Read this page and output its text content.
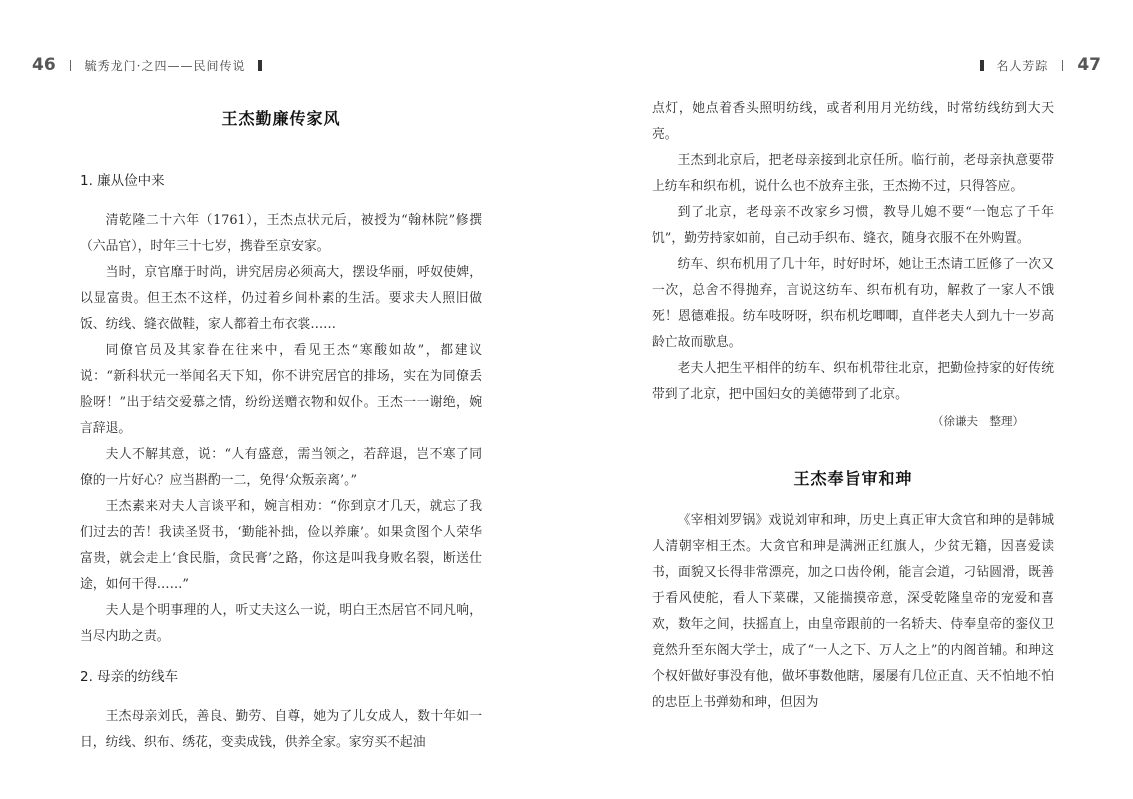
46 毓秀龙门·之四——民间传说	名人芳踪 47
王杰勤廉传家风
1. 廉从俭中来

清乾隆二十六年（1761），王杰点状元后，被授为“翰林院”修撰（六品官），时年三十七岁，携眷至京安家。

当时，京官靡于时尚，讲究居房必须高大，摆设华丽，呼奴使婢，以显富贵。但王杰不这样，仍过着乡间朴素的生活。要求夫人照旧做饭、纺线、缝衣做鞋，家人都着土布衣裳……

同僚官员及其家眷在往来中，看见王杰“寒酸如故”，都建议说：“新科状元一举闻名天下知，你不讲究居官的排场，实在为同僚丢脸呀！”出于结交爱慕之情，纷纷送赠衣物和奴仆。王杰一一谢绝，婉言辞退。

夫人不解其意，说：“人有盛意，需当领之，若辞退，岂不寒了同僚的一片好心？应当斟酌一二，免得‘众叛亲离’。”

王杰素来对夫人言谈平和，婉言相劝：“你到京才几天，就忘了我们过去的苦！我读圣贤书，‘勤能补拙，俭以养廉’。如果贪图个人荣华富贵，就会走上‘食民脂，贪民膏’之路，你这是叫我身败名裂，断送仕途，如何干得……”

夫人是个明事理的人，听丈夫这么一说，明白王杰居官不同凡响，当尽内助之责。

2. 母亲的纺线车

王杰母亲刘氏，善良、勤劳、自尊，她为了儿女成人，数十年如一日，纺线、织布、绣花，变卖成钱，供养全家。家穷买不起油

点灯，她点着香头照明纺线，或者利用月光纺线，时常纺线纺到大天亮。

王杰到北京后，把老母亲接到北京任所。临行前，老母亲执意要带上纺车和织布机，说什么也不放弃主张，王杰拗不过，只得答应。

到了北京，老母亲不改家乡习惯，教导儿媳不要“一饱忘了千年饥”，勤劳持家如前，自己动手织布、缝衣，随身衣服不在外购置。

纺车、织布机用了几十年，时好时坏，她让王杰请工匠修了一次又一次，总舍不得抛弃，言说这纺车、织布机有功，解救了一家人不饿死！恩德难报。纺车吱呀呀，织布机圪唧唧，直伴老夫人到九十一岁高龄亡故而歇息。

老夫人把生平相伴的纺车、织布机带往北京，把勤俭持家的好传统带到了北京，把中国妇女的美德带到了北京。

（徐谦夫　整理）
王杰奉旨审和珅

《宰相刘罗锅》戏说刘审和珅，历史上真正审大贪官和珅的是韩城人清朝宰相王杰。大贪官和珅是满洲正红旗人，少贫无籍，因喜爱读书，面貌又长得非常漂亮，加之口齿伶俐，能言会道，刁钻圆滑，既善于看风使舵，看人下菜碟，又能揣摸帝意，深受乾隆皇帝的宠爱和喜欢，数年之间，扶摇直上，由皇帝跟前的一名轿夫、侍奉皇帝的銮仪卫竟然升至东阁大学士，成了“一人之下、万人之上”的内阁首辅。和珅这个权奸做好事没有他，做坏事数他瞎，屡屡有几位正直、天不怕地不怕的忠臣上书弹劾和珅，但因为
